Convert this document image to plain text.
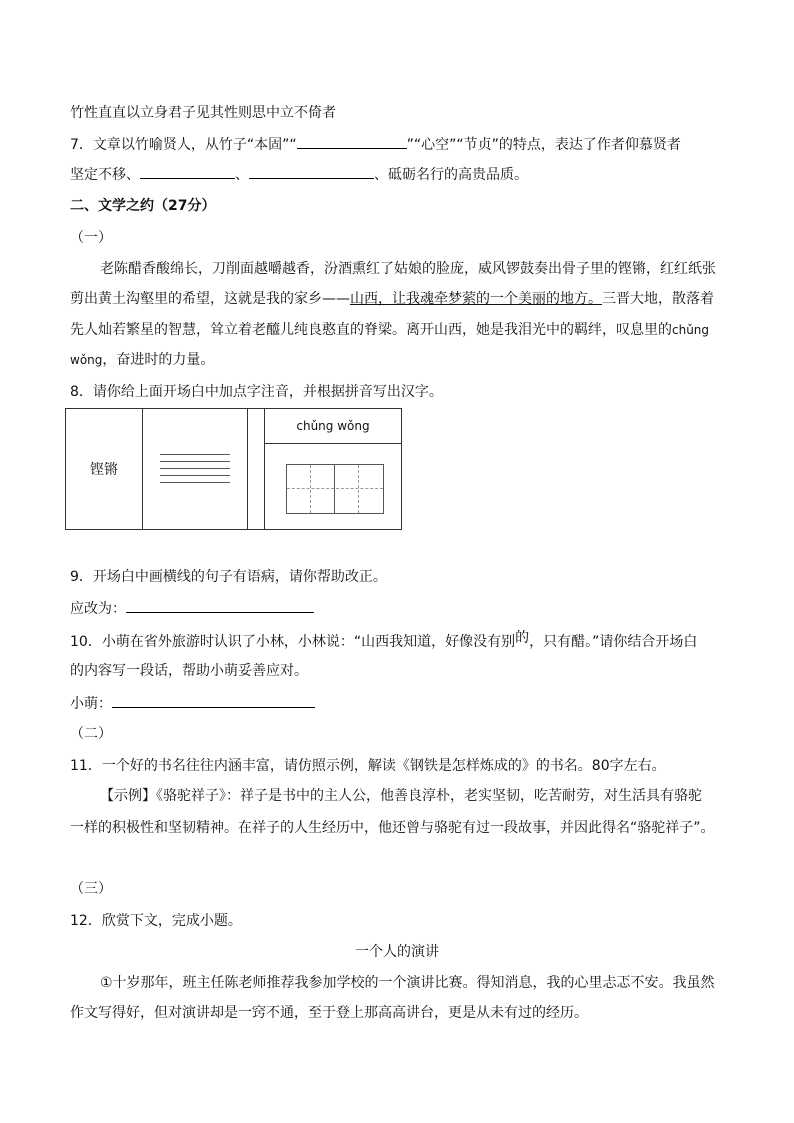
竹性直直以立身君子见其性则思中立不倚者
7．文章以竹喻贤人，从竹子“本固”“	”“心空”“节贞”的特点，表达了作者仰慕贤者
坚定不移、	、	、砥砺名行的高贵品质。
二、文学之约（27分）
（一）
老陈醋香酸绵长，刀削面越嚼越香，汾酒熏红了姑娘的脸庞，威风锣鼓奏出骨子里的铿锵，红红纸张
剪出黄土沟壑里的希望，这就是我的家乡——山西，让我魂牵梦萦的一个美丽的地方。三晋大地，散落着
先人灿若繁星的智慧，耸立着老醯儿纯良憨直的脊梁。离开山西，她是我泪光中的羁绊，叹息里的chǔng
wǒng，奋进时的力量。
8．请你给上面开场白中加点字注音，并根据拼音写出汉字。
铿锵			chǔng wǒng

9．开场白中画横线的句子有语病，请你帮助改正。
应改为：
10．小萌在省外旅游时认识了小林，小林说：“山西我知道，好像没有别的，只有醋。”请你结合开场白
的内容写一段话，帮助小萌妥善应对。
小萌：
（二）
11．一个好的书名往往内涵丰富，请仿照示例，解读《钢铁是怎样炼成的》的书名。80字左右。
【示例】《骆驼祥子》：祥子是书中的主人公，他善良淳朴，老实坚韧，吃苦耐劳，对生活具有骆驼
一样的积极性和坚韧精神。在祥子的人生经历中，他还曾与骆驼有过一段故事，并因此得名“骆驼祥子”。
（三）
12．欣赏下文，完成小题。
一个人的演讲
①十岁那年，班主任陈老师推荐我参加学校的一个演讲比赛。得知消息，我的心里忐忑不安。我虽然
作文写得好，但对演讲却是一窍不通，至于登上那高高讲台，更是从未有过的经历。
